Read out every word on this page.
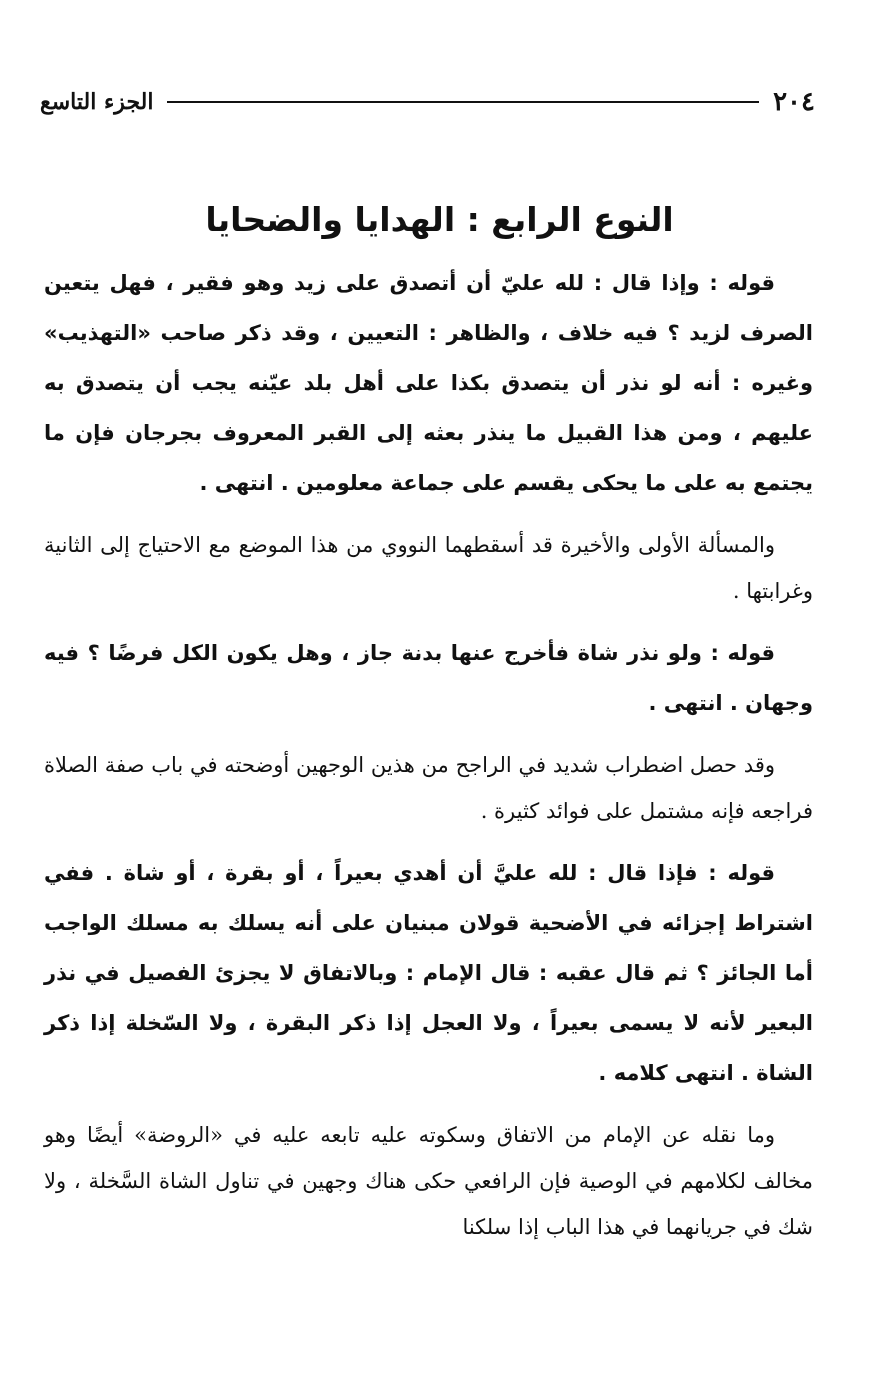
٢٠٤
الجزء التاسع
النوع الرابع : الهدايا والضحايا

قوله : وإذا قال : لله عليّ أن أتصدق على زيد وهو فقير ، فهل يتعين الصرف لزيد ؟ فيه خلاف ، والظاهر : التعيين ، وقد ذكر صاحب «التهذيب» وغيره : أنه لو نذر أن يتصدق بكذا على أهل بلد عيّنه يجب أن يتصدق به عليهم ، ومن هذا القبيل ما ينذر بعثه إلى القبر المعروف بجرجان فإن ما يجتمع به على ما يحكى يقسم على جماعة معلومين . انتهى .

والمسألة الأولى والأخيرة قد أسقطهما النووي من هذا الموضع مع الاحتياج إلى الثانية وغرابتها .

قوله : ولو نذر شاة فأخرج عنها بدنة جاز ، وهل يكون الكل فرضًا ؟ فيه وجهان . انتهى .

وقد حصل اضطراب شديد في الراجح من هذين الوجهين أوضحته في باب صفة الصلاة فراجعه فإنه مشتمل على فوائد كثيرة .

قوله : فإذا قال : لله عليَّ أن أهدي بعيراً ، أو بقرة ، أو شاة . ففي اشتراط إجزائه في الأضحية قولان مبنيان على أنه يسلك به مسلك الواجب أما الجائز ؟ ثم قال عقبه : قال الإمام : وبالاتفاق لا يجزئ الفصيل في نذر البعير لأنه لا يسمى بعيراً ، ولا العجل إذا ذكر البقرة ، ولا السّخلة إذا ذكر الشاة . انتهى كلامه .

وما نقله عن الإمام من الاتفاق وسكوته عليه تابعه عليه في «الروضة» أيضًا وهو مخالف لكلامهم في الوصية فإن الرافعي حكى هناك وجهين في تناول الشاة السَّخلة ، ولا شك في جريانهما في هذا الباب إذا سلكنا
